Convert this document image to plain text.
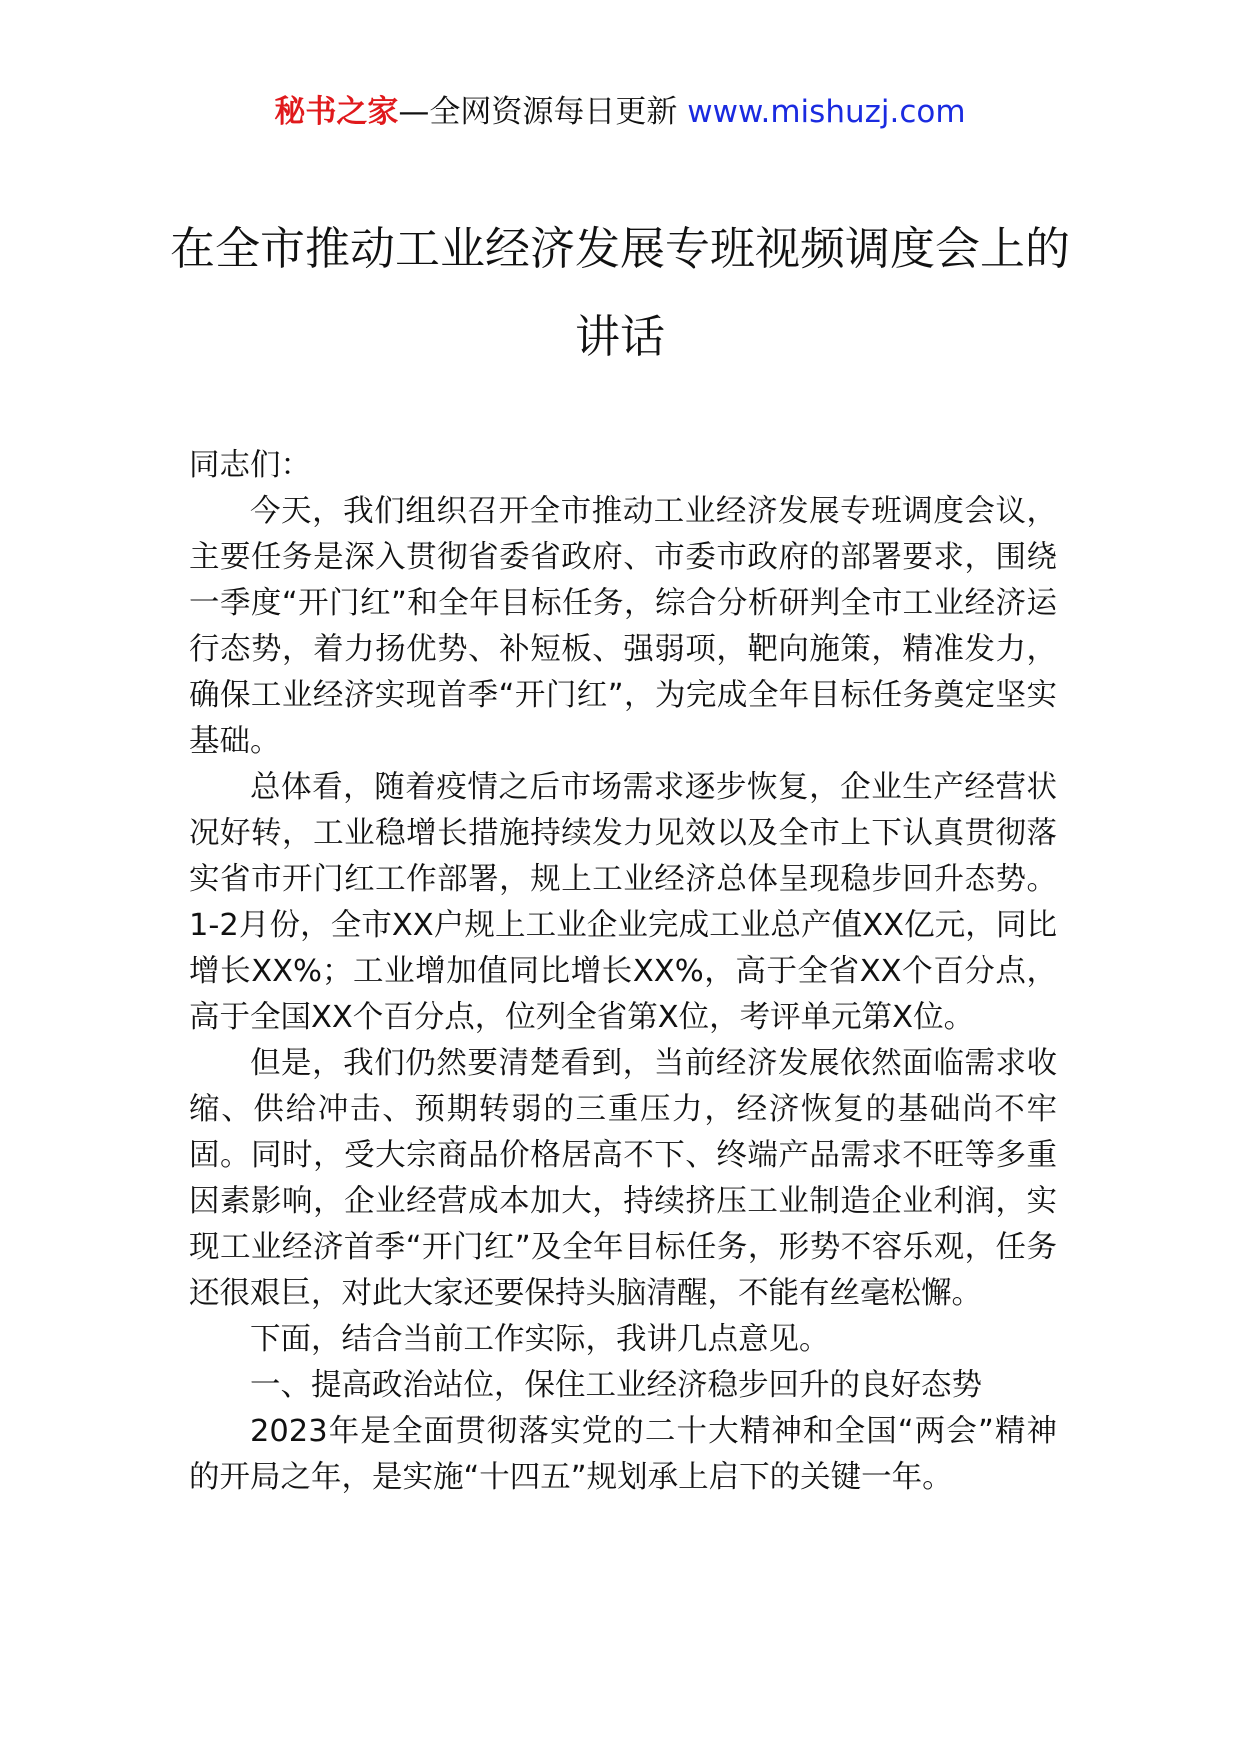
秘书之家—全网资源每日更新 www.mishuzj.com
在全市推动工业经济发展专班视频调度会上的讲话

同志们：

今天，我们组织召开全市推动工业经济发展专班调度会议，主要任务是深入贯彻省委省政府、市委市政府的部署要求，围绕一季度“开门红”和全年目标任务，综合分析研判全市工业经济运行态势，着力扬优势、补短板、强弱项，靶向施策，精准发力，确保工业经济实现首季“开门红”，为完成全年目标任务奠定坚实基础。

总体看，随着疫情之后市场需求逐步恢复，企业生产经营状况好转，工业稳增长措施持续发力见效以及全市上下认真贯彻落实省市开门红工作部署，规上工业经济总体呈现稳步回升态势。1-2月份，全市XX户规上工业企业完成工业总产值XX亿元，同比增长XX%；工业增加值同比增长XX%，高于全省XX个百分点，高于全国XX个百分点，位列全省第X位，考评单元第X位。

但是，我们仍然要清楚看到，当前经济发展依然面临需求收缩、供给冲击、预期转弱的三重压力，经济恢复的基础尚不牢固。同时，受大宗商品价格居高不下、终端产品需求不旺等多重因素影响，企业经营成本加大，持续挤压工业制造企业利润，实现工业经济首季“开门红”及全年目标任务，形势不容乐观，任务还很艰巨，对此大家还要保持头脑清醒，不能有丝毫松懈。

下面，结合当前工作实际，我讲几点意见。

一、提高政治站位，保住工业经济稳步回升的良好态势

2023年是全面贯彻落实党的二十大精神和全国“两会”精神的开局之年，是实施“十四五”规划承上启下的关键一年。
